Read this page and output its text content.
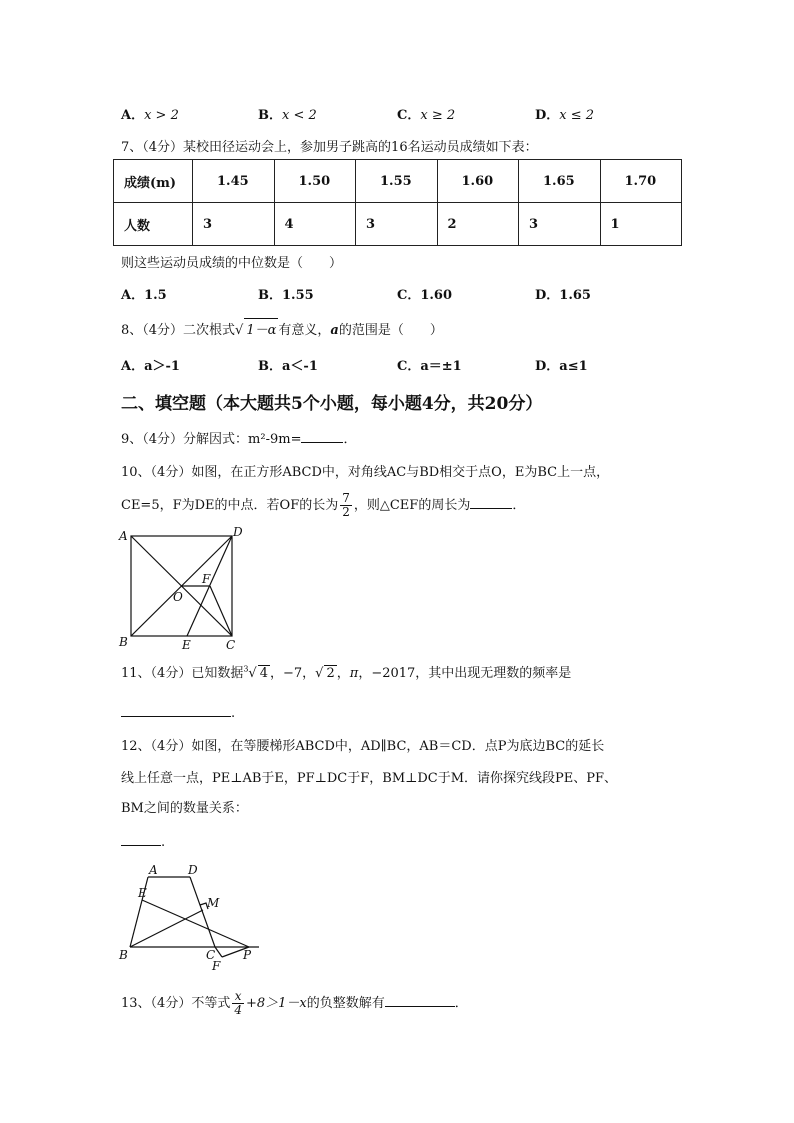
A．x > 2	B．x < 2	C．x ≥ 2	D．x ≤ 2
7、（4分）某校田径运动会上，参加男子跳高的16名运动员成绩如下表：
成绩(m)	1.45	1.50	1.55	1.60	1.65	1.70
人数	3	4	3	2	3	1
则这些运动员成绩的中位数是（　　）
A．1.5	B．1.55	C．1.60	D．1.65
8、（4分）二次根式√ 1－α 有意义，a的范围是（　　）
A．a＞-1	B．a＜-1	C．a＝±1	D．a≤1
二、填空题（本大题共5个小题，每小题4分，共20分）
9、（4分）分解因式：m²-9m=	．
10、（4分）如图，在正方形ABCD中，对角线AC与BD相交于点O，E为BC上一点，
CE=5，F为DE的中点．若OF的长为 $\frac{7}{2}$ ，则△CEF的周长为	．
A	D
B	C
O
E
F
11、（4分）已知数据$^3$√ 4 ，−7，√ 2 ，π，−2017，其中出现无理数的频率是
.
12、（4分）如图，在等腰梯形ABCD中，AD∥BC，AB＝CD．点P为底边BC的延长
线上任意一点，PE⊥AB于E，PF⊥DC于F，BM⊥DC于M．请你探究线段PE、PF、
BM之间的数量关系：
.
A	D
E
M
B	C P
F
13、（4分）不等式 $\frac{x}{4} +8>1-x$的负整数解有	．
